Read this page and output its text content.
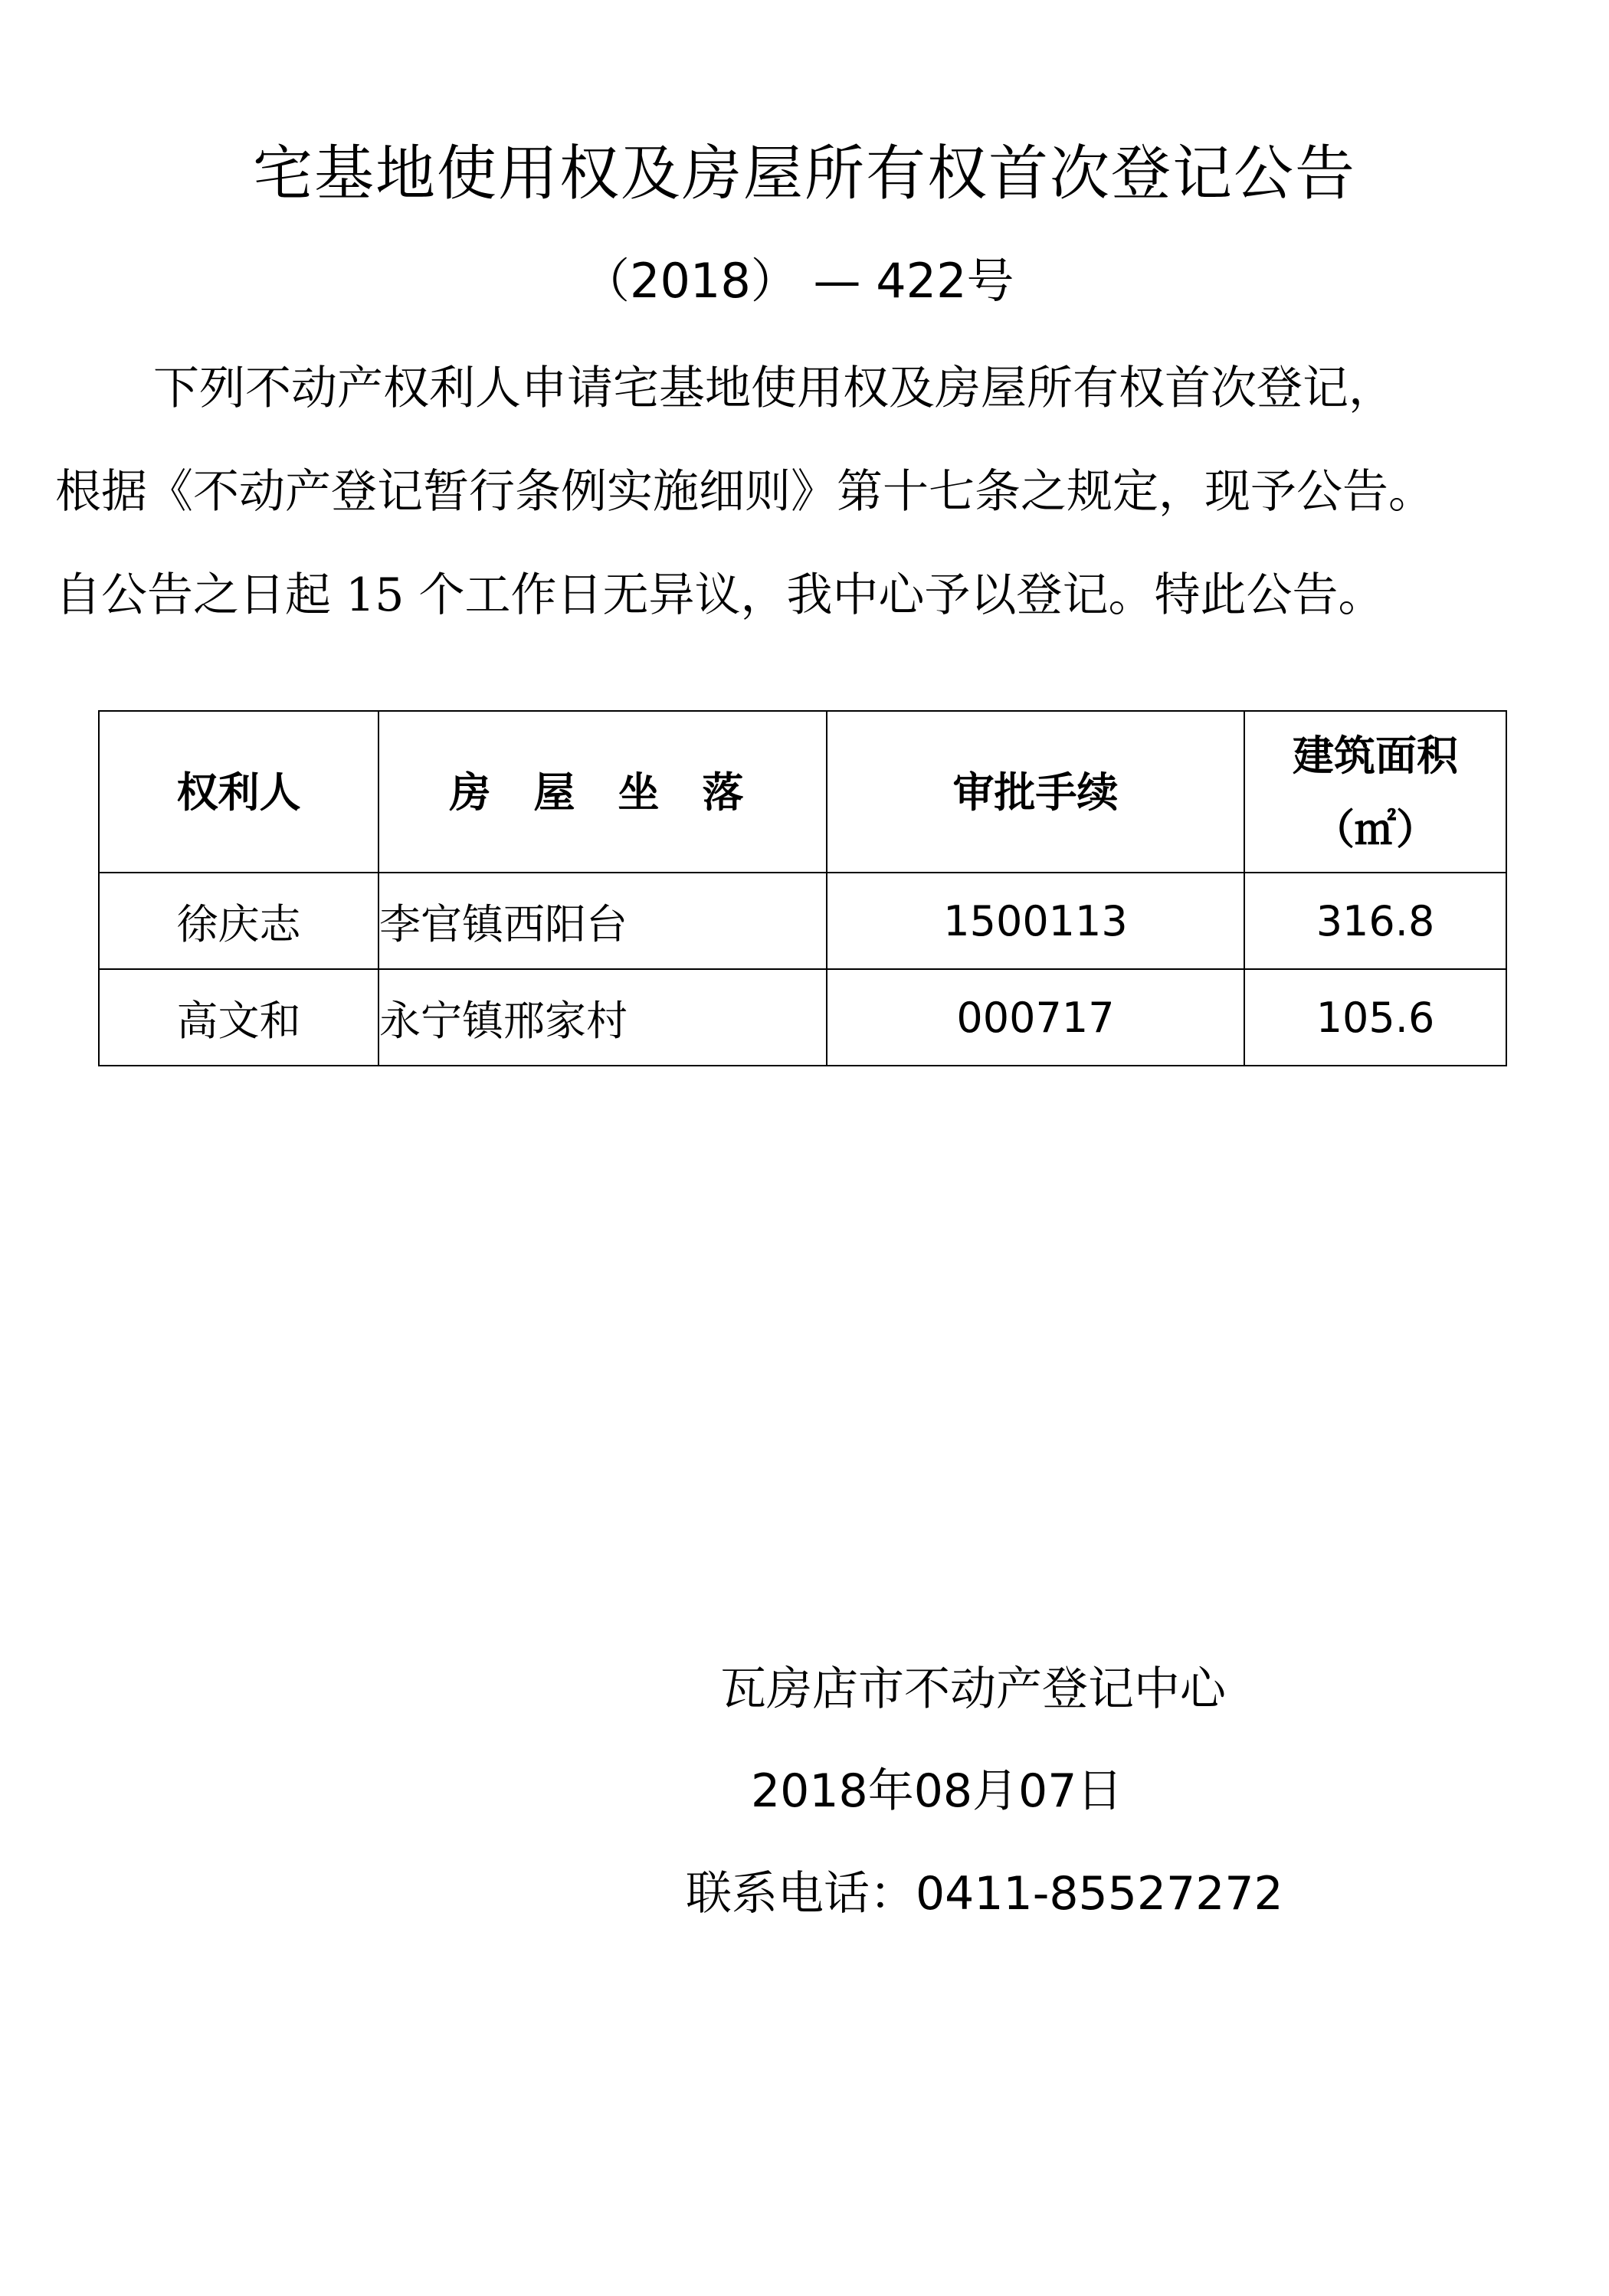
宅基地使用权及房屋所有权首次登记公告
（2018） — 422号
下列不动产权利人申请宅基地使用权及房屋所有权首次登记，
根据《不动产登记暂行条例实施细则》第十七条之规定，现予公告。
自公告之日起 15 个工作日无异议，我中心予以登记。特此公告。
权利人	房屋坐落	审批手续	建筑面积
（㎡）

徐庆志	李官镇西阳台	1500113	316.8
高文和	永宁镇邢家村	000717	105.6
瓦房店市不动产登记中心
2018年08月07日
联系电话：0411-85527272
